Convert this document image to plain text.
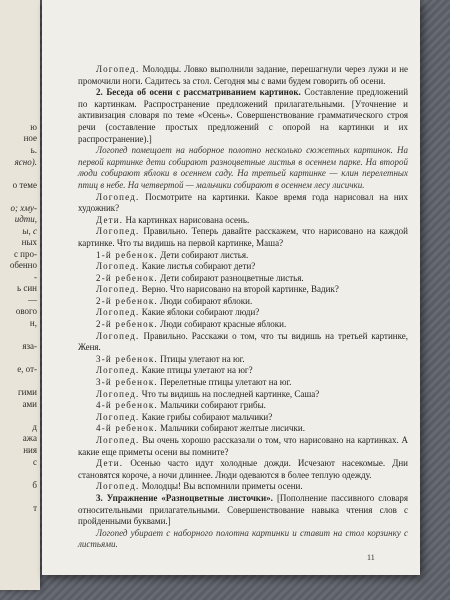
ю
ное
ь.
ясно).
о теме
о; хму-
идти,
ы, с
ных
с про-
обенно
-
ь син
—
ового
н,
яза-
е, от-
гими
ами
д
ажа
ния
с
б
т

Логопед. Молодцы. Ловко выполнили задание, перешагнули через лужи и не промочили ноги. Садитесь за стол. Сегодня мы с вами будем говорить об осени.

2. Беседа об осени с рассматриванием картинок. Составление предложений по картинкам. Распространение предложений прилагательными. [Уточнение и активизация словаря по теме «Осень». Совершенствование грамматического строя речи (составление простых предложений с опорой на картинки и их распространение).]

Логопед помещает на наборное полотно несколько сюжетных картинок. На первой картинке дети собирают разноцветные листья в осеннем парке. На второй люди собирают яблоки в осеннем саду. На третьей картинке — клин перелетных птиц в небе. На четвертой — мальчики собирают в осеннем лесу лисички.

Логопед. Посмотрите на картинки. Какое время года нарисовал на них художник?

Дети. На картинках нарисована осень.

Логопед. Правильно. Теперь давайте расскажем, что нарисовано на каждой картинке. Что ты видишь на первой картинке, Маша?

1-й ребенок. Дети собирают листья.

Логопед. Какие листья собирают дети?

2-й ребенок. Дети собирают разноцветные листья.

Логопед. Верно. Что нарисовано на второй картинке, Вадик?

2-й ребенок. Люди собирают яблоки.

Логопед. Какие яблоки собирают люди?

2-й ребенок. Люди собирают красные яблоки.

Логопед. Правильно. Расскажи о том, что ты видишь на третьей картинке, Женя.

3-й ребенок. Птицы улетают на юг.

Логопед. Какие птицы улетают на юг?

3-й ребенок. Перелетные птицы улетают на юг.

Логопед. Что ты видишь на последней картинке, Саша?

4-й ребенок. Мальчики собирают грибы.

Логопед. Какие грибы собирают мальчики?

4-й ребенок. Мальчики собирают желтые лисички.

Логопед. Вы очень хорошо рассказали о том, что нарисовано на картинках. А какие еще приметы осени вы помните?

Дети. Осенью часто идут холодные дожди. Исчезают насекомые. Дни становятся короче, а ночи длиннее. Люди одеваются в более теплую одежду.

Логопед. Молодцы! Вы вспомнили приметы осени.

3. Упражнение «Разноцветные листочки». [Пополнение пассивного словаря относительными прилагательными. Совершенствование навыка чтения слов с пройденными буквами.]

Логопед убирает с наборного полотна картинки и ставит на стол корзинку с листьями.

11
